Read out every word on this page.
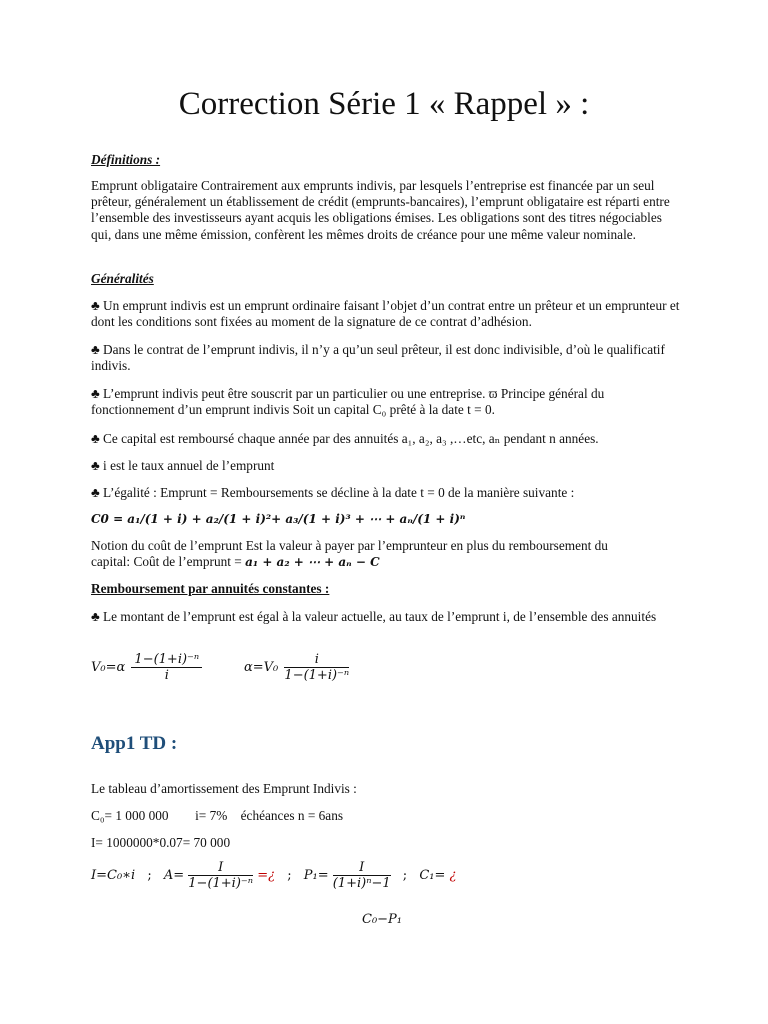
Correction Série 1 « Rappel » :

Définitions :

Emprunt obligataire Contrairement aux emprunts indivis, par lesquels l’entreprise est financée par un seul prêteur, généralement un établissement de crédit (emprunts-bancaires), l’emprunt obligataire est réparti entre l’ensemble des investisseurs ayant acquis les obligations émises. Les obligations sont des titres négociables qui, dans une même émission, confèrent les mêmes droits de créance pour une même valeur nominale.

Généralités

♣ Un emprunt indivis est un emprunt ordinaire faisant l’objet d’un contrat entre un prêteur et un emprunteur et dont les conditions sont fixées au moment de la signature de ce contrat d’adhésion.

♣ Dans le contrat de l’emprunt indivis, il n’y a qu’un seul prêteur, il est donc indivisible, d’où le qualificatif indivis.

♣ L’emprunt indivis peut être souscrit par un particulier ou une entreprise. ϖ Principe général du fonctionnement d’un emprunt indivis Soit un capital C₀ prêté à la date t = 0.

♣ Ce capital est remboursé chaque année par des annuités a₁, a₂, a₃ ,…etc, aₙ pendant n années.

♣ i est le taux annuel de l’emprunt

♣ L’égalité : Emprunt = Remboursements se décline à la date t = 0 de la manière suivante :

C0 = a₁/(1 + i) + a₂/(1 + i)²+ a₃/(1 + i)³ + ⋯ + aₙ/(1 + i)ⁿ

Notion du coût de l’emprunt Est la valeur à payer par l’emprunteur en plus du remboursement du

capital: Coût de l’emprunt = a₁ + a₂ + ⋯ + aₙ − C

Remboursement par annuités constantes :

♣ Le montant de l’emprunt est égal à la valeur actuelle, au taux de l’emprunt i, de l’ensemble des annuités

$V_0=\alpha \frac{\text{1−(1+i)⁻ⁿ}}{i}$	$\alpha=V_0 \frac{i}{\text{1−(1+i)⁻ⁿ}}$
App1 TD :

Le tableau d’amortissement des Emprunt Indivis :

C₀= 1 000 000        i= 7%    échéances n = 6ans

I= 1000000*0.07= 70 000

I=C₀∗i ; $A= \frac{I}{\text{1−(1+i)⁻ⁿ}}$ =¿ ; $P_1= \frac{I}{\text{(1+i)ⁿ−1}}$ ; C₁= ¿
C₀−P₁
